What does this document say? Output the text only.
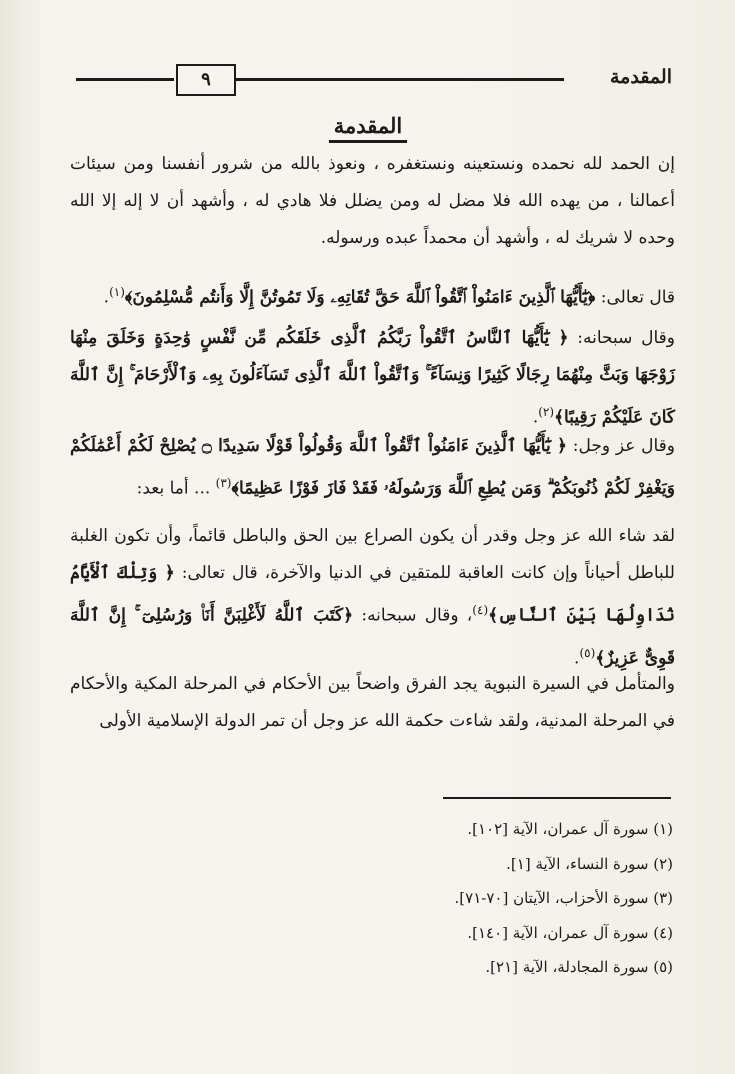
المقدمة
٩
المقدمة

إن الحمد لله نحمده ونستعينه ونستغفره ، ونعوذ بالله من شرور أنفسنا ومن سيئات أعمالنا ، من يهده الله فلا مضل له ومن يضلل فلا هادي له ، وأشهد أن لا إله إلا الله وحده لا شريك له ، وأشهد أن محمداً عبده ورسوله.

قال تعالى: ﴿يَٰٓأَيُّهَا ٱلَّذِينَ ءَامَنُواْ ٱتَّقُواْ ٱللَّهَ حَقَّ تُقَاتِهِۦ وَلَا تَمُوتُنَّ إِلَّا وَأَنتُم مُّسْلِمُونَ﴾$^{(١)}$.

وقال سبحانه: ﴿ يَٰٓأَيُّهَا ٱلنَّاسُ ٱتَّقُواْ رَبَّكُمُ ٱلَّذِى خَلَقَكُم مِّن نَّفْسٍ وَٰحِدَةٍ وَخَلَقَ مِنْهَا زَوْجَهَا وَبَثَّ مِنْهُمَا رِجَالًا كَثِيرًا وَنِسَآءً ۚ وَٱتَّقُواْ ٱللَّهَ ٱلَّذِى تَسَآءَلُونَ بِهِۦ وَٱلْأَرْحَامَ ۚ إِنَّ ٱللَّهَ كَانَ عَلَيْكُمْ رَقِيبًا﴾$^{(٢)}$.

وقال عز وجل: ﴿ يَٰٓأَيُّهَا ٱلَّذِينَ ءَامَنُواْ ٱتَّقُواْ ٱللَّهَ وَقُولُواْ قَوْلًا سَدِيدًا ۝ يُصْلِحْ لَكُمْ أَعْمَٰلَكُمْ وَيَغْفِرْ لَكُمْ ذُنُوبَكُمْ ۗ وَمَن يُطِعِ ٱللَّهَ وَرَسُولَهُۥ فَقَدْ فَازَ فَوْزًا عَظِيمًا﴾$^{(٣)}$ ... أما بعد:

لقد شاء الله عز وجل وقدر أن يكون الصراع بين الحق والباطل قائماً، وأن تكون الغلبة للباطل أحياناً وإن كانت العاقبة للمتقين في الدنيا والآخرة، قال تعالى: ﴿ وَتِلْكَ ٱلْأَيَّامُ نُدَاوِلُهَا بَيْنَ ٱلنَّاسِ﴾$^{(٤)}$، وقال سبحانه: ﴿كَتَبَ ٱللَّهُ لَأَغْلِبَنَّ أَنَا۠ وَرُسُلِىٓ ۚ إِنَّ ٱللَّهَ قَوِىٌّ عَزِيزٌ﴾$^{(٥)}$.

والمتأمل في السيرة النبوية يجد الفرق واضحاً بين الأحكام في المرحلة المكية والأحكام في المرحلة المدنية، ولقد شاءت حكمة الله عز وجل أن تمر الدولة الإسلامية الأولى

(١) سورة آل عمران، الآية [١٠٢].
(٢) سورة النساء، الآية [١].
(٣) سورة الأحزاب، الآيتان [٧٠-٧١].
(٤) سورة آل عمران، الآية [١٤٠].
(٥) سورة المجادلة، الآية [٢١].
